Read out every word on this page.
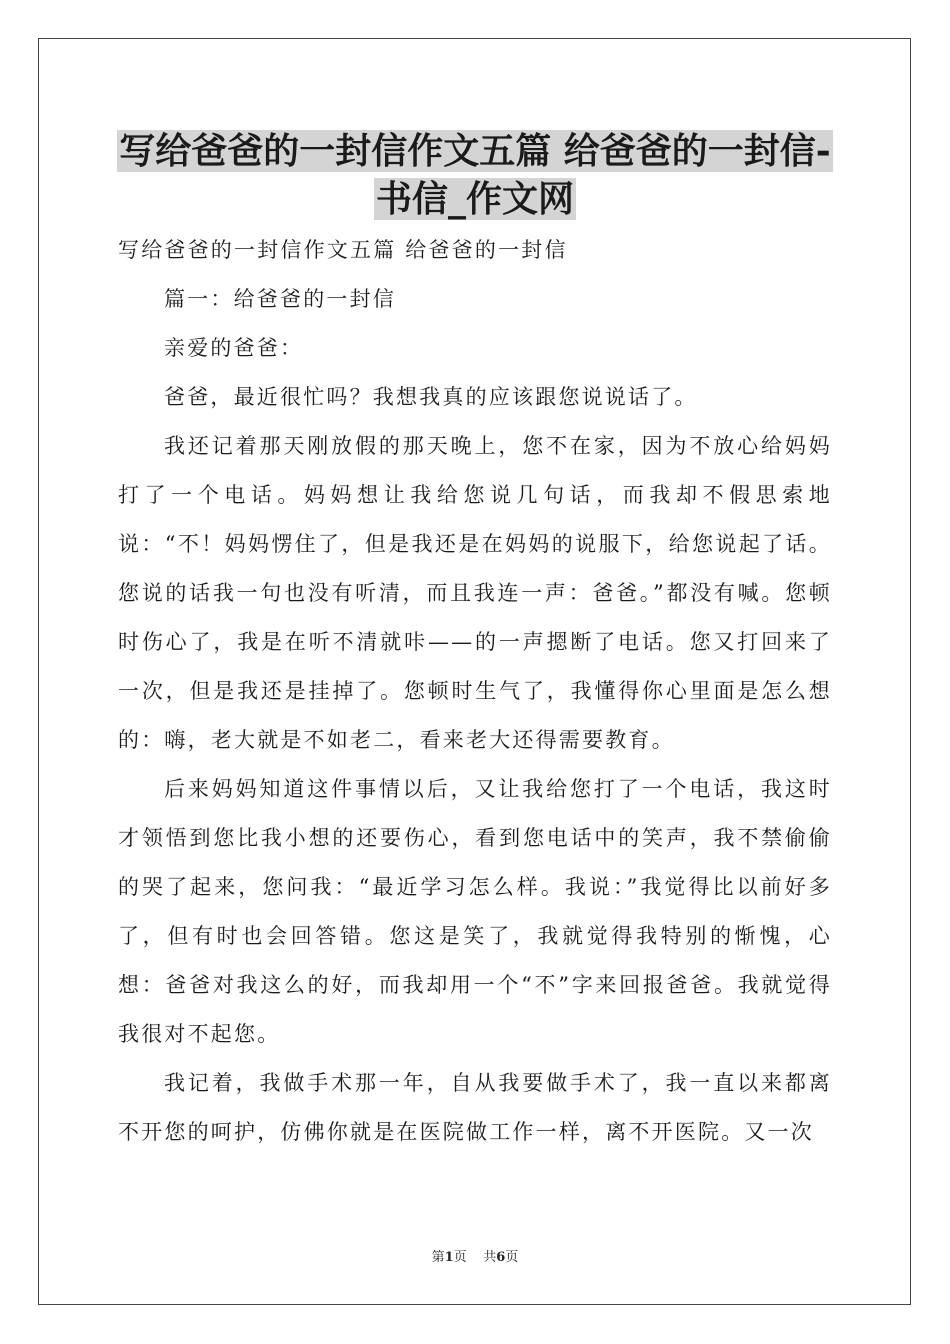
写给爸爸的一封信作文五篇 给爸爸的一封信-
书信_作文网

写给爸爸的一封信作文五篇 给爸爸的一封信

篇一：给爸爸的一封信

亲爱的爸爸：

爸爸，最近很忙吗？我想我真的应该跟您说说话了。

我还记着那天刚放假的那天晚上，您不在家，因为不放心给妈妈打了一个电话。妈妈想让我给您说几句话，而我却不假思索地说：“不！妈妈愣住了，但是我还是在妈妈的说服下，给您说起了话。您说的话我一句也没有听清，而且我连一声：爸爸。”都没有喊。您顿时伤心了，我是在听不清就咔——的一声摁断了电话。您又打回来了一次，但是我还是挂掉了。您顿时生气了，我懂得你心里面是怎么想的：嗨，老大就是不如老二，看来老大还得需要教育。

后来妈妈知道这件事情以后，又让我给您打了一个电话，我这时才领悟到您比我小想的还要伤心，看到您电话中的笑声，我不禁偷偷的哭了起来，您问我：“最近学习怎么样。我说：”我觉得比以前好多了，但有时也会回答错。您这是笑了，我就觉得我特别的惭愧，心想：爸爸对我这么的好，而我却用一个“不”字来回报爸爸。我就觉得我很对不起您。

我记着，我做手术那一年，自从我要做手术了，我一直以来都离不开您的呵护，仿佛你就是在医院做工作一样，离不开医院。又一次

第1页 共6页
